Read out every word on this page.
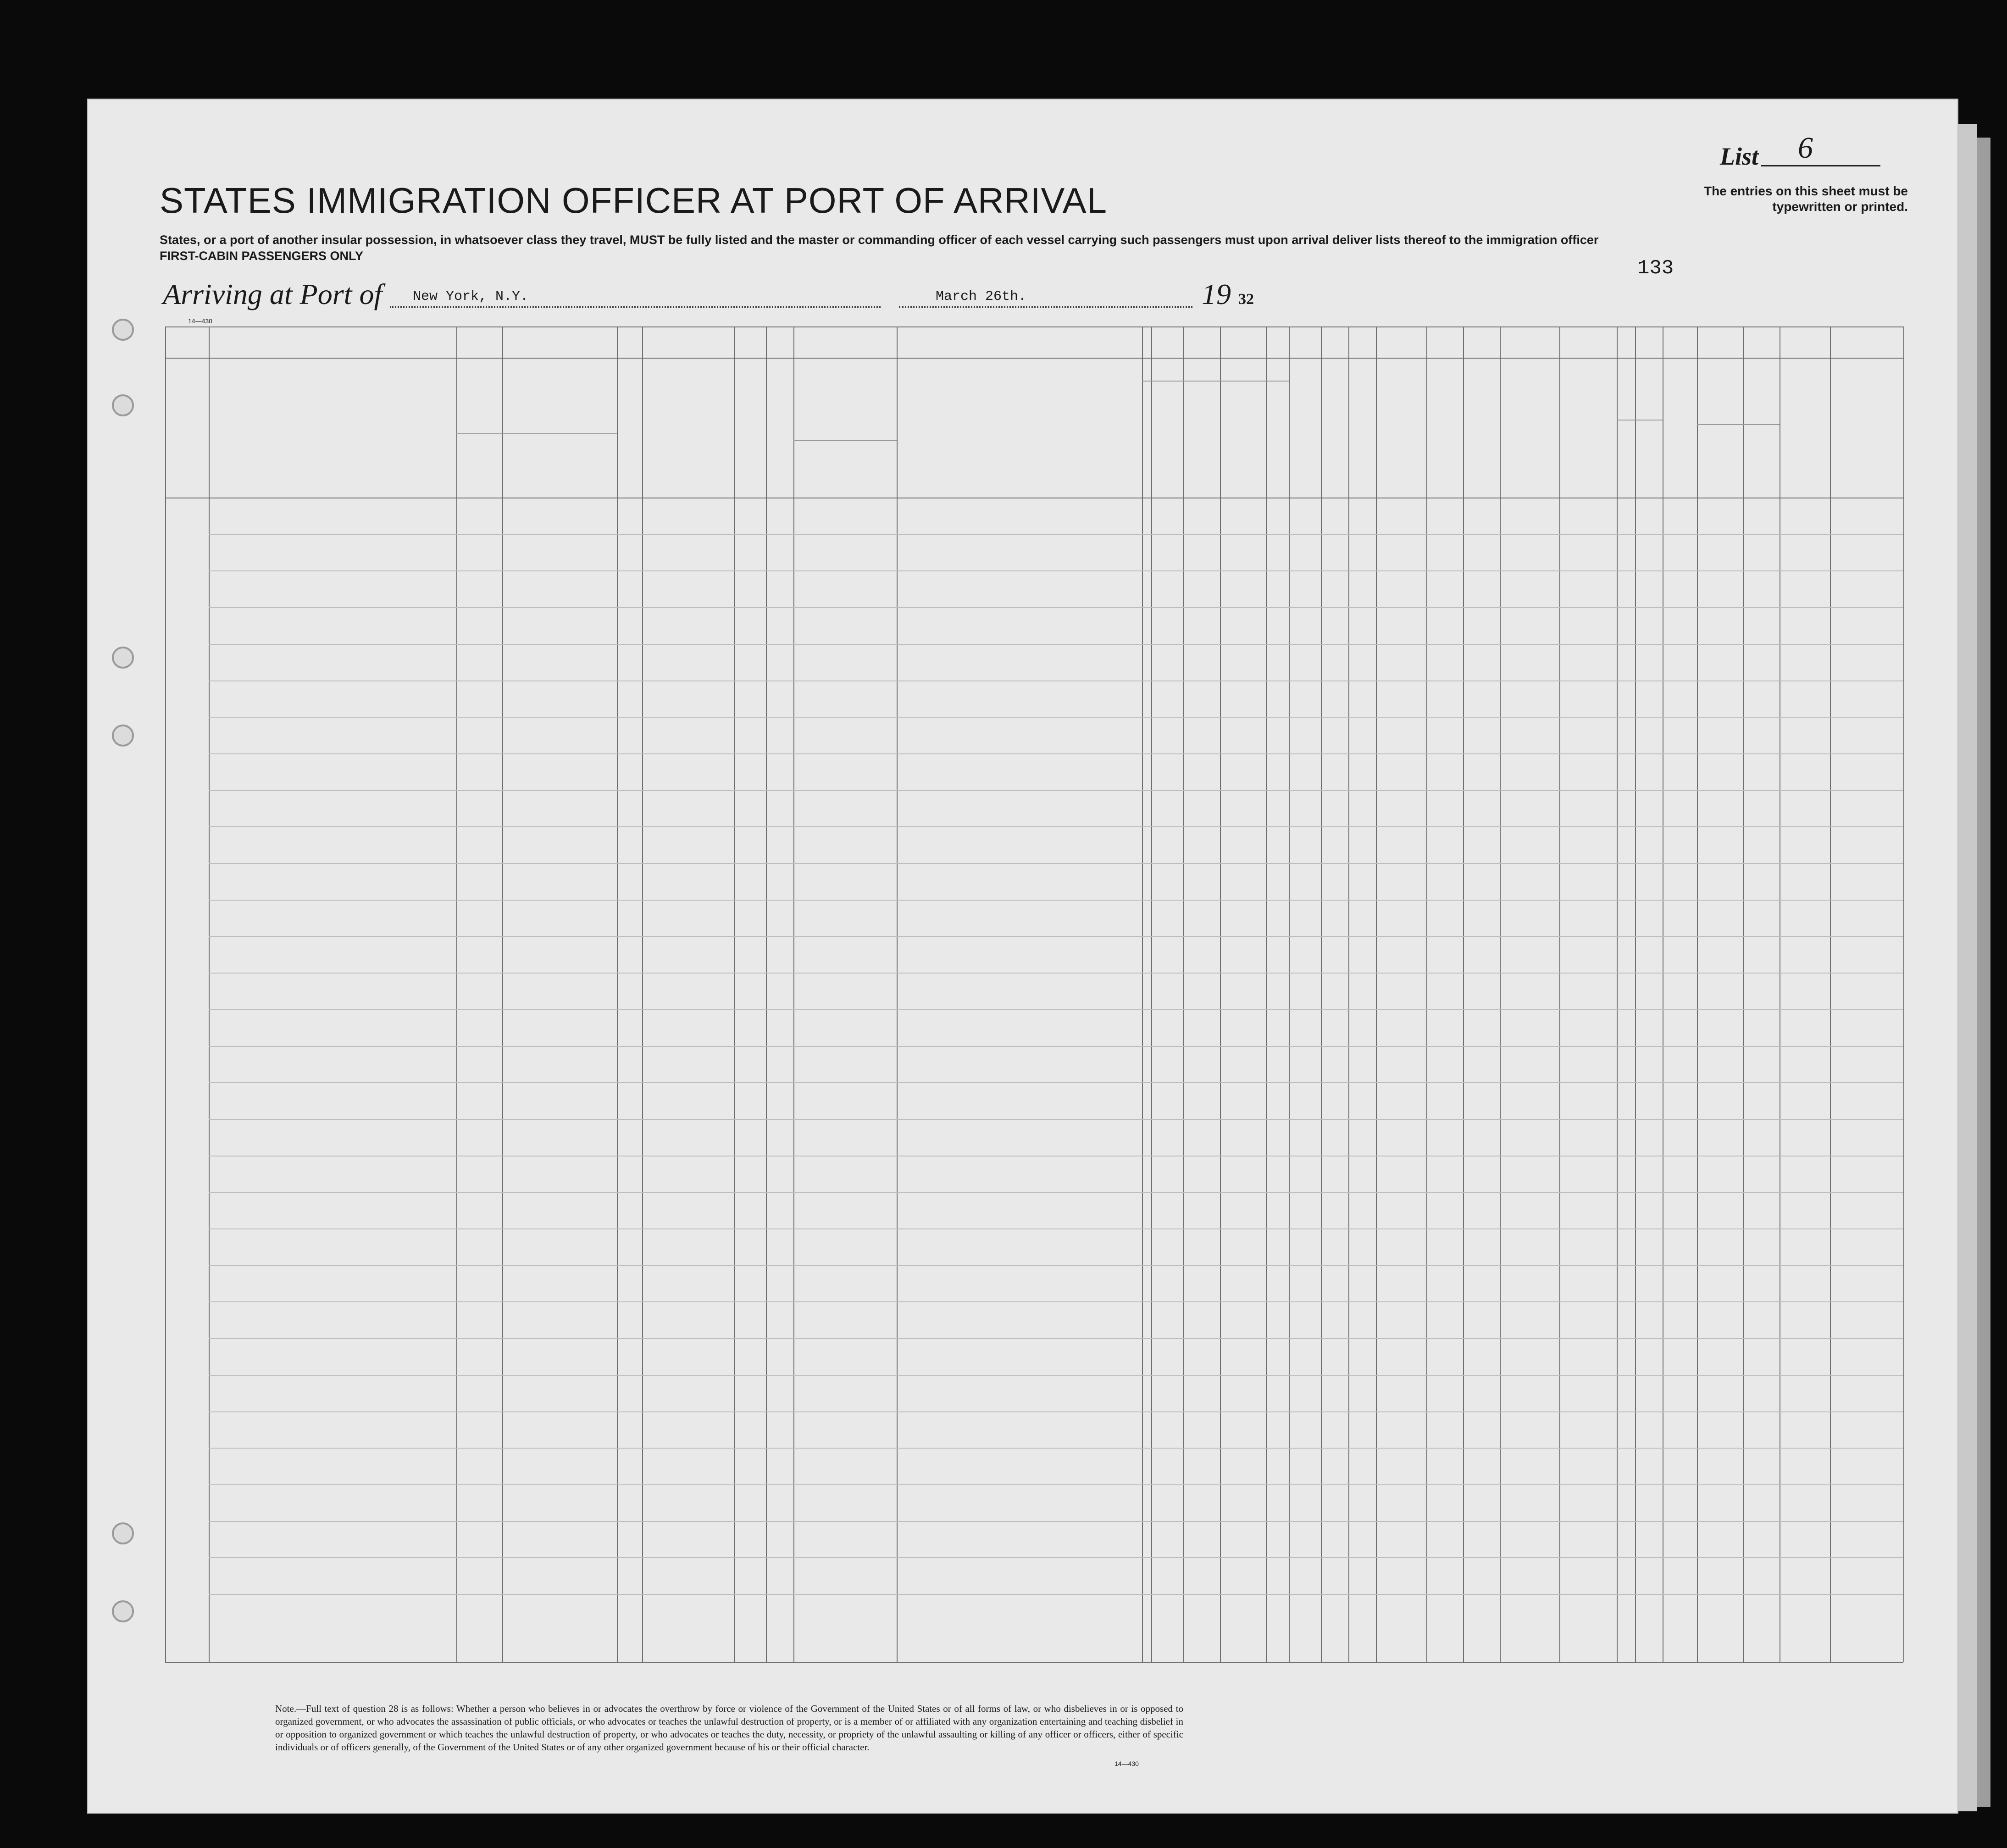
List 6
STATES IMMIGRATION OFFICER AT PORT OF ARRIVAL	The entries on this sheet must be typewritten or printed.
States, or a port of another insular possession, in whatsoever class they travel, MUST be fully listed and the master or commanding officer of each vessel carrying such passengers must upon arrival deliver lists thereof to the immigration officer
FIRST-CABIN PASSENGERS ONLY
133
Arriving at Port of New York, N.Y.	March 26th.	19 32
14—430
Note.—Full text of question 28 is as follows: Whether a person who believes in or advocates the overthrow by force or violence of the Government of the United States or of all forms of law, or who disbelieves in or is opposed to organized government, or who advocates the assassination of public officials, or who advocates or teaches the unlawful destruction of property, or is a member of or affiliated with any organization entertaining and teaching disbelief in or opposition to organized government or which teaches the unlawful destruction of property, or who advocates or teaches the duty, necessity, or propriety of the unlawful assaulting or killing of any officer or officers, either of specific individuals or of officers generally, of the Government of the United States or of any other organized government because of his or their official character.
14—430
